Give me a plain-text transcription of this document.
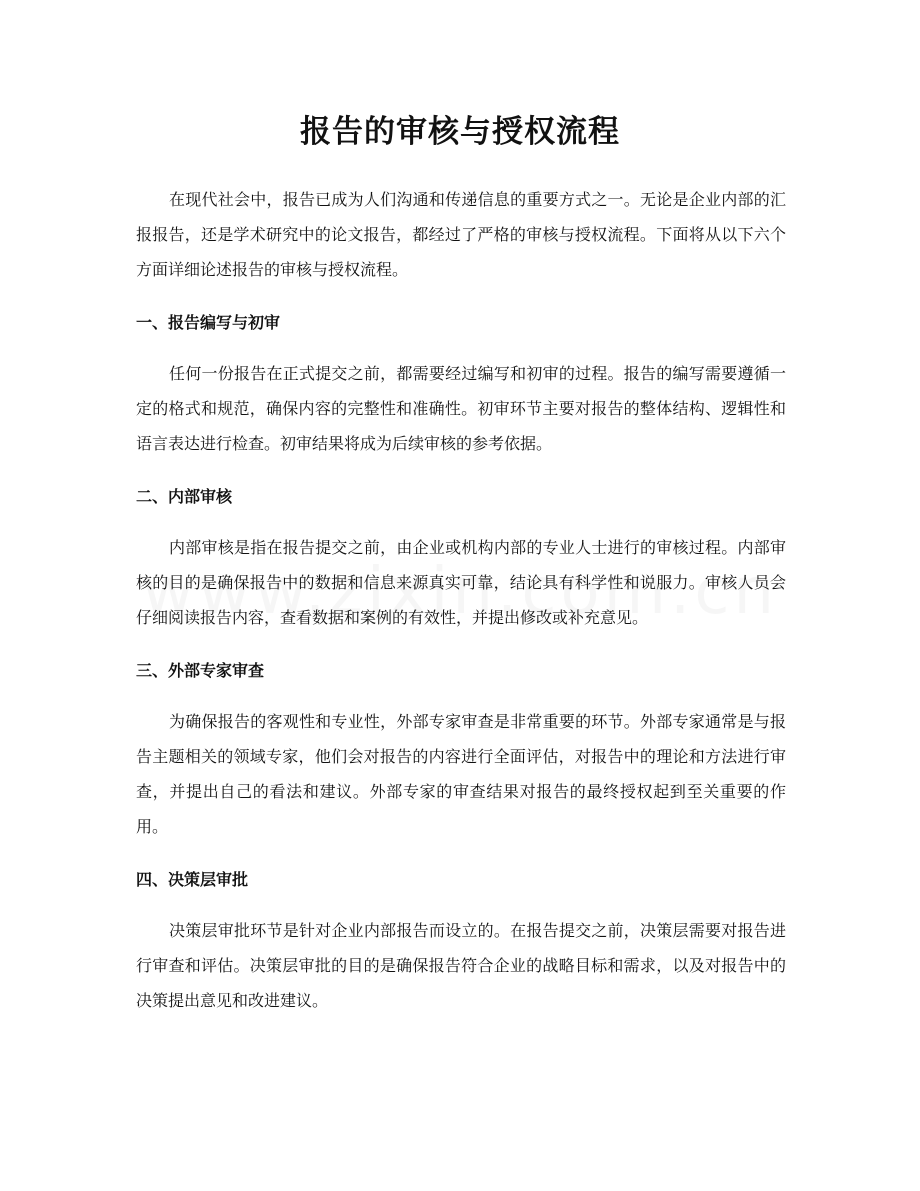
报告的审核与授权流程

在现代社会中，报告已成为人们沟通和传递信息的重要方式之一。无论是企业内部的汇报报告，还是学术研究中的论文报告，都经过了严格的审核与授权流程。下面将从以下六个方面详细论述报告的审核与授权流程。

一、报告编写与初审

任何一份报告在正式提交之前，都需要经过编写和初审的过程。报告的编写需要遵循一定的格式和规范，确保内容的完整性和准确性。初审环节主要对报告的整体结构、逻辑性和语言表达进行检查。初审结果将成为后续审核的参考依据。

二、内部审核

内部审核是指在报告提交之前，由企业或机构内部的专业人士进行的审核过程。内部审核的目的是确保报告中的数据和信息来源真实可靠，结论具有科学性和说服力。审核人员会仔细阅读报告内容，查看数据和案例的有效性，并提出修改或补充意见。

三、外部专家审查

为确保报告的客观性和专业性，外部专家审查是非常重要的环节。外部专家通常是与报告主题相关的领域专家，他们会对报告的内容进行全面评估，对报告中的理论和方法进行审查，并提出自己的看法和建议。外部专家的审查结果对报告的最终授权起到至关重要的作用。

四、决策层审批

决策层审批环节是针对企业内部报告而设立的。在报告提交之前，决策层需要对报告进行审查和评估。决策层审批的目的是确保报告符合企业的战略目标和需求，以及对报告中的决策提出意见和改进建议。
